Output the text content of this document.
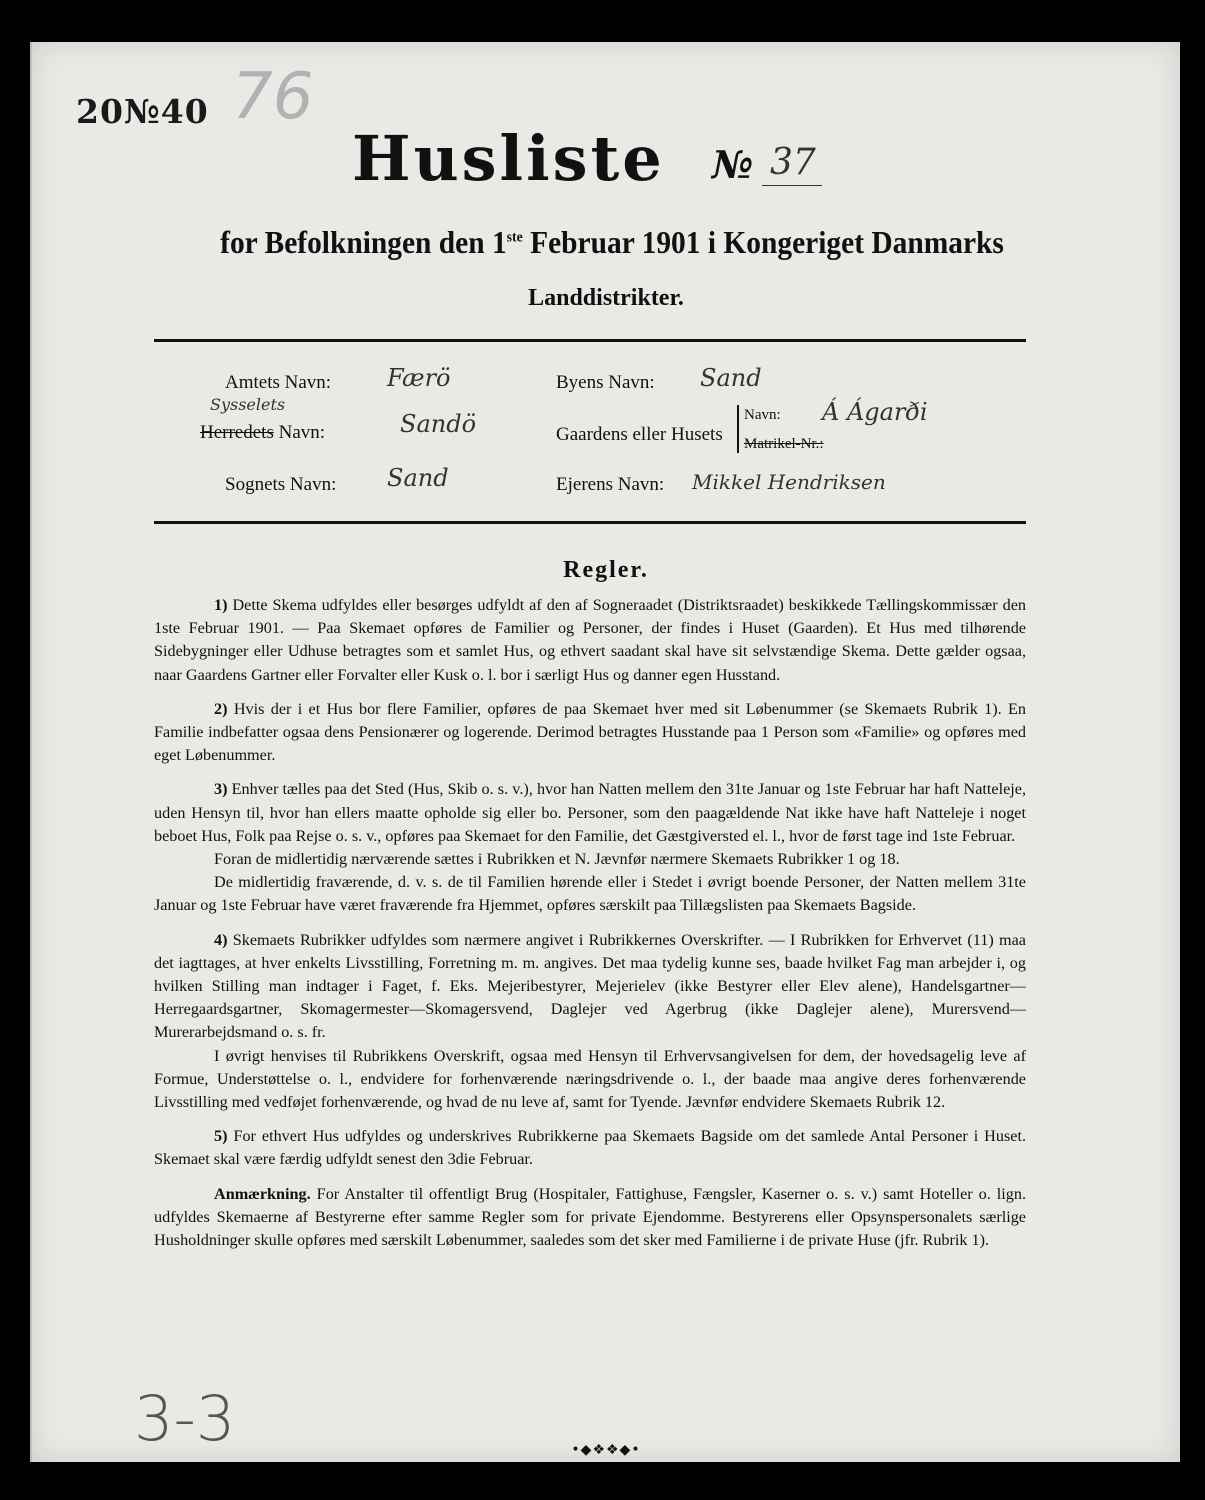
20№40 76
Husliste № 37
for Befolkningen den 1ste Februar 1901 i Kongeriget Danmarks
Landdistrikter.
Amtets Navn: Færö
Sysselets
Herredets Navn:	Sandö
Sognets Navn: Sand
Byens Navn: Sand
Gaardens eller Husets
Navn: Á Ágarði
Matrikel-Nr.:
Ejerens Navn: Mikkel Hendriksen
Regler.

1) Dette Skema udfyldes eller besørges udfyldt af den af Sogneraadet (Distriktsraadet) beskikkede Tællingskommissær den 1ste Februar 1901. — Paa Skemaet opføres de Familier og Personer, der findes i Huset (Gaarden). Et Hus med tilhørende Sidebygninger eller Udhuse betragtes som et samlet Hus, og ethvert saadant skal have sit selvstændige Skema. Dette gælder ogsaa, naar Gaardens Gartner eller Forvalter eller Kusk o. l. bor i særligt Hus og danner egen Husstand.

2) Hvis der i et Hus bor flere Familier, opføres de paa Skemaet hver med sit Løbenummer (se Skemaets Rubrik 1). En Familie indbefatter ogsaa dens Pensionærer og logerende. Derimod betragtes Husstande paa 1 Person som «Familie» og opføres med eget Løbenummer.

3) Enhver tælles paa det Sted (Hus, Skib o. s. v.), hvor han Natten mellem den 31te Januar og 1ste Februar har haft Natteleje, uden Hensyn til, hvor han ellers maatte opholde sig eller bo. Personer, som den paagældende Nat ikke have haft Natteleje i noget beboet Hus, Folk paa Rejse o. s. v., opføres paa Skemaet for den Familie, det Gæstgiversted el. l., hvor de først tage ind 1ste Februar.

Foran de midlertidig nærværende sættes i Rubrikken et N. Jævnfør nærmere Skemaets Rubrikker 1 og 18.

De midlertidig fraværende, d. v. s. de til Familien hørende eller i Stedet i øvrigt boende Personer, der Natten mellem 31te Januar og 1ste Februar have været fraværende fra Hjemmet, opføres særskilt paa Tillægslisten paa Skemaets Bagside.

4) Skemaets Rubrikker udfyldes som nærmere angivet i Rubrikkernes Overskrifter. — I Rubrikken for Erhvervet (11) maa det iagttages, at hver enkelts Livsstilling, Forretning m. m. angives. Det maa tydelig kunne ses, baade hvilket Fag man arbejder i, og hvilken Stilling man indtager i Faget, f. Eks. Mejeribestyrer, Mejerielev (ikke Bestyrer eller Elev alene), Handelsgartner—Herregaardsgartner, Skomagermester—Skomagersvend, Daglejer ved Agerbrug (ikke Daglejer alene), Murersvend—Murerarbejdsmand o. s. fr.

I øvrigt henvises til Rubrikkens Overskrift, ogsaa med Hensyn til Erhvervsangivelsen for dem, der hovedsagelig leve af Formue, Understøttelse o. l., endvidere for forhenværende næringsdrivende o. l., der baade maa angive deres forhenværende Livsstilling med vedføjet forhenværende, og hvad de nu leve af, samt for Tyende. Jævnfør endvidere Skemaets Rubrik 12.

5) For ethvert Hus udfyldes og underskrives Rubrikkerne paa Skemaets Bagside om det samlede Antal Personer i Huset. Skemaet skal være færdig udfyldt senest den 3die Februar.

Anmærkning. For Anstalter til offentligt Brug (Hospitaler, Fattighuse, Fængsler, Kaserner o. s. v.) samt Hoteller o. lign. udfyldes Skemaerne af Bestyrerne efter samme Regler som for private Ejendomme. Bestyrerens eller Opsynspersonalets særlige Husholdninger skulle opføres med særskilt Løbenummer, saaledes som det sker med Familierne i de private Huse (jfr. Rubrik 1).

•◆❖❖◆•
3-3
